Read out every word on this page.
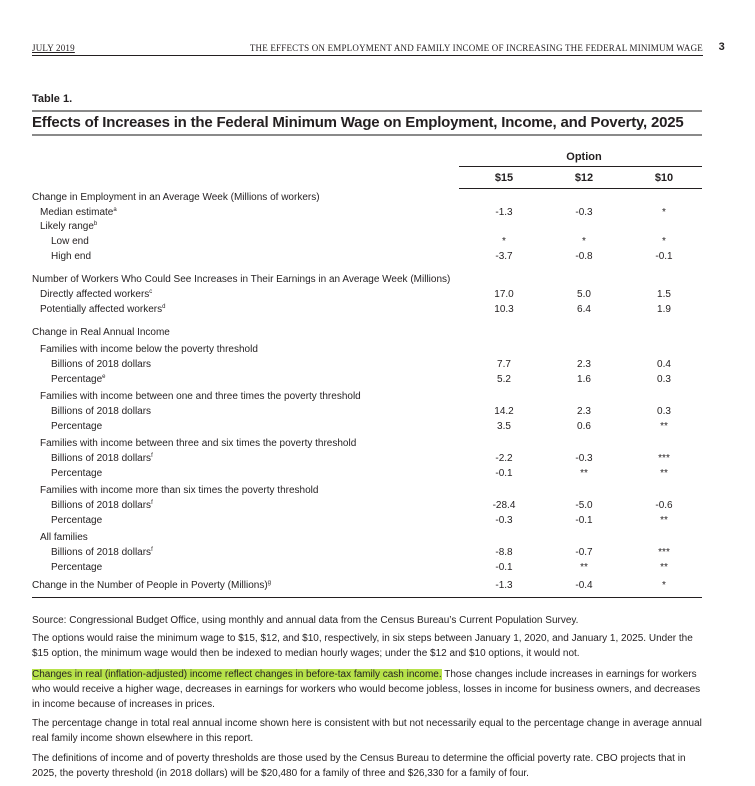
JULY 2019	THE EFFECTS ON EMPLOYMENT AND FAMILY INCOME OF INCREASING THE FEDERAL MINIMUM WAGE 3
Table 1.
Effects of Increases in the Federal Minimum Wage on Employment, Income, and Poverty, 2025
Option
$15	$12	$10
Change in Employment in an Average Week (Millions of workers)
Median estimate$^a$	-1.3	-0.3	*
Likely range$^b$
Low end	*	*	*
High end	-3.7	-0.8	-0.1
Number of Workers Who Could See Increases in Their Earnings in an Average Week (Millions)
Directly affected workers$^c$	17.0	5.0	1.5
Potentially affected workers$^d$	10.3	6.4	1.9
Change in Real Annual Income
Families with income below the poverty threshold
Billions of 2018 dollars	7.7	2.3	0.4
Percentage$^e$	5.2	1.6	0.3
Families with income between one and three times the poverty threshold
Billions of 2018 dollars	14.2	2.3	0.3
Percentage	3.5	0.6	**
Families with income between three and six times the poverty threshold
Billions of 2018 dollars$^f$	-2.2	-0.3	***
Percentage	-0.1	**	**
Families with income more than six times the poverty threshold
Billions of 2018 dollars$^f$	-28.4	-5.0	-0.6
Percentage	-0.3	-0.1	**
All families
Billions of 2018 dollars$^f$	-8.8	-0.7	***
Percentage	-0.1	**	**
Change in the Number of People in Poverty (Millions)$^g$	-1.3	-0.4	*
Source: Congressional Budget Office, using monthly and annual data from the Census Bureau’s Current Population Survey.
The options would raise the minimum wage to $15, $12, and $10, respectively, in six steps between January 1, 2020, and January 1, 2025. Under the $15 option, the minimum wage would then be indexed to median hourly wages; under the $12 and $10 options, it would not.
Changes in real (inflation-adjusted) income reflect changes in before-tax family cash income. Those changes include increases in earnings for workers who would receive a higher wage, decreases in earnings for workers who would become jobless, losses in income for business owners, and decreases in income because of increases in prices.
The percentage change in total real annual income shown here is consistent with but not necessarily equal to the percentage change in average annual real family income shown elsewhere in this report.
The definitions of income and of poverty thresholds are those used by the Census Bureau to determine the official poverty rate. CBO projects that in 2025, the poverty threshold (in 2018 dollars) will be $20,480 for a family of three and $26,330 for a family of four.
